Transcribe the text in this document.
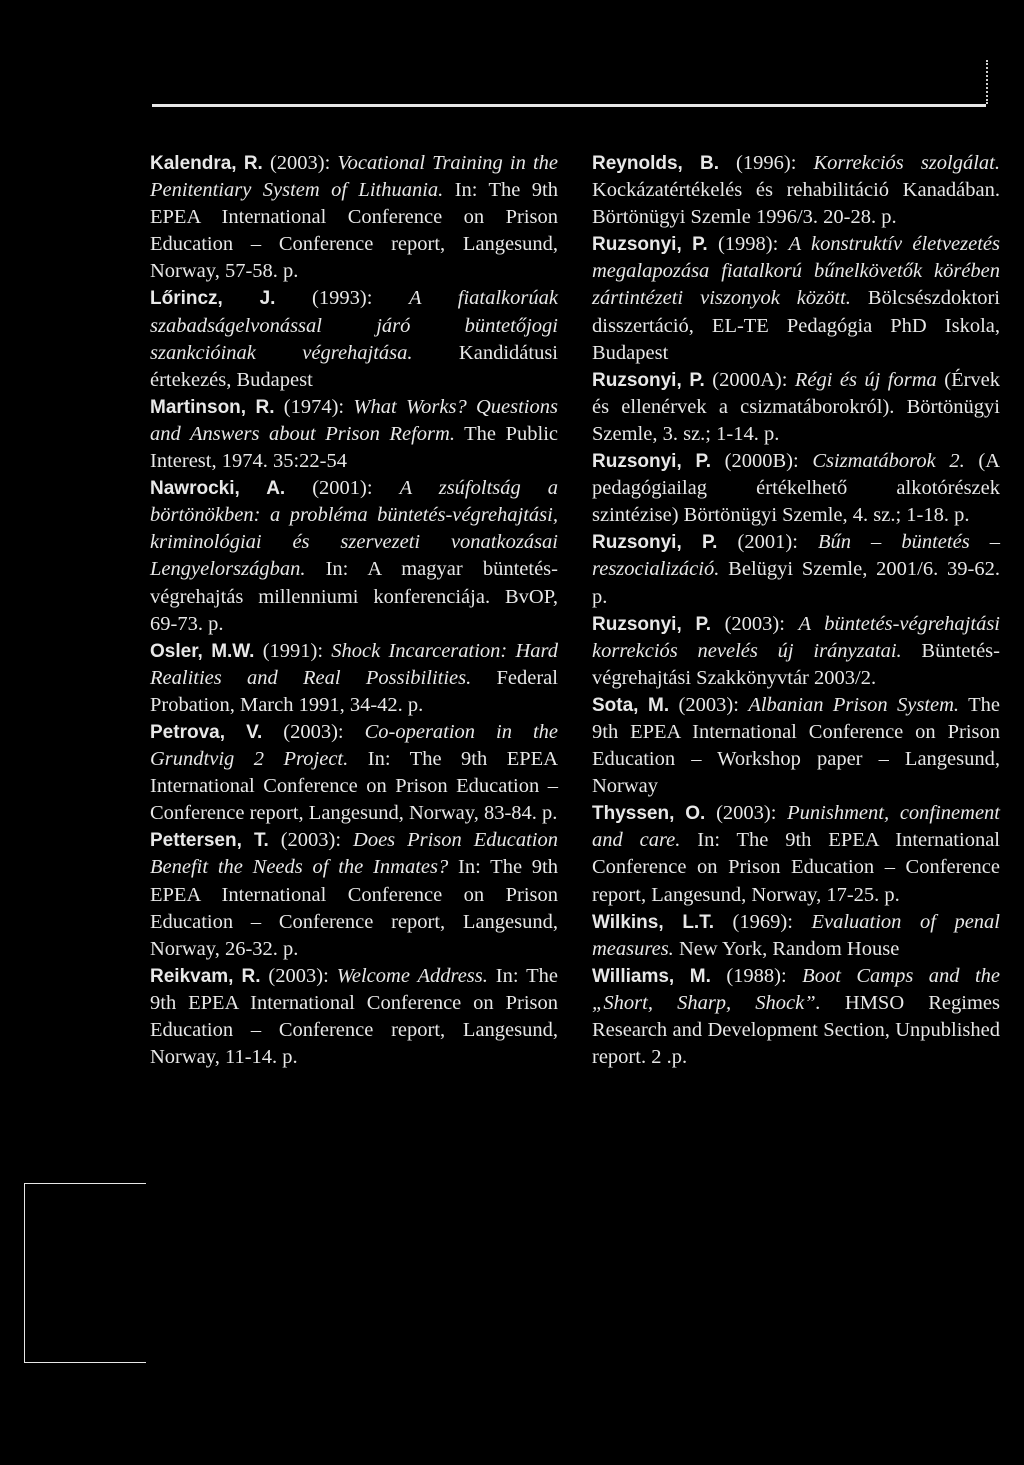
Kalendra, R. (2003): Vocational Training in the Penitentiary System of Lithuania. In: The 9th EPEA International Conference on Prison Education – Conference report, Langesund, Norway, 57-58. p.

Lőrincz, J. (1993): A fiatalkorúak szabadságelvonással járó büntetőjogi szankcióinak végrehajtása. Kandidátusi értekezés, Budapest

Martinson, R. (1974): What Works? Questions and Answers about Prison Reform. The Public Interest, 1974. 35:22-54

Nawrocki, A. (2001): A zsúfoltság a börtönökben: a probléma büntetés-végrehajtási, kriminológiai és szervezeti vonatkozásai Lengyelországban. In: A magyar büntetés-végrehajtás millenniumi konferenciája. BvOP, 69-73. p.

Osler, M.W. (1991): Shock Incarceration: Hard Realities and Real Possibilities. Federal Probation, March 1991, 34-42. p.

Petrova, V. (2003): Co-operation in the Grundtvig 2 Project. In: The 9th EPEA International Conference on Prison Education – Conference report, Langesund, Norway, 83-84. p.

Pettersen, T. (2003): Does Prison Education Benefit the Needs of the Inmates? In: The 9th EPEA International Conference on Prison Education – Conference report, Langesund, Norway, 26-32. p.

Reikvam, R. (2003): Welcome Address. In: The 9th EPEA International Conference on Prison Education – Conference report, Langesund, Norway, 11-14. p.

Reynolds, B. (1996): Korrekciós szolgálat. Kockázatértékelés és rehabilitáció Kanadában. Börtönügyi Szemle 1996/3. 20-28. p.

Ruzsonyi, P. (1998): A konstruktív életvezetés megalapozása fiatalkorú bűnelkövetők körében zártintézeti viszonyok között. Bölcsészdoktori disszertáció, EL-TE Pedagógia PhD Iskola, Budapest

Ruzsonyi, P. (2000A): Régi és új forma (Érvek és ellenérvek a csizmatáborokról). Börtönügyi Szemle, 3. sz.; 1-14. p.

Ruzsonyi, P. (2000B): Csizmatáborok 2. (A pedagógiailag értékelhető alkotórészek szintézise) Börtönügyi Szemle, 4. sz.; 1-18. p.

Ruzsonyi, P. (2001): Bűn – büntetés – reszocializáció. Belügyi Szemle, 2001/6. 39-62. p.

Ruzsonyi, P. (2003): A büntetés-végrehajtási korrekciós nevelés új irányzatai. Büntetés-végrehajtási Szakkönyvtár 2003/2.

Sota, M. (2003): Albanian Prison System. The 9th EPEA International Conference on Prison Education – Workshop paper – Langesund, Norway

Thyssen, O. (2003): Punishment, confinement and care. In: The 9th EPEA International Conference on Prison Education – Conference report, Langesund, Norway, 17-25. p.

Wilkins, L.T. (1969): Evaluation of penal measures. New York, Random House

Williams, M. (1988): Boot Camps and the „Short, Sharp, Shock”. HMSO Regimes Research and Development Section, Unpublished report. 2 .p.
